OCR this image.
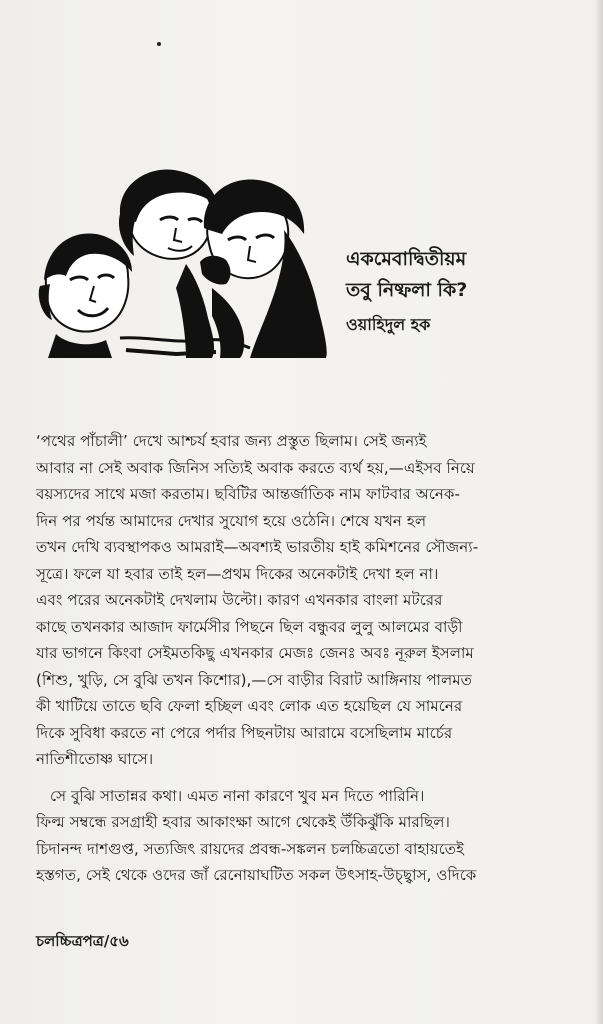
একমেবাদ্বিতীয়ম
তবু নিষ্ফলা কি?
ওয়াহিদুল হক
‘পথের পাঁচালী’ দেখে আশ্চর্য হবার জন্য প্রস্তুত ছিলাম। সেই জন্যই
আবার না সেই অবাক জিনিস সত্যিই অবাক করতে ব্যর্থ হয়,—এইসব নিয়ে
বয়স্যদের সাথে মজা করতাম। ছবিটির আন্তর্জাতিক নাম ফাটবার অনেক-
দিন পর পর্যন্ত আমাদের দেখার সুযোগ হয়ে ওঠেনি। শেষে যখন হল
তখন দেখি ব্যবস্থাপকও আমরাই—অবশ্যই ভারতীয় হাই কমিশনের সৌজন্য-
সূত্রে। ফলে যা হবার তাই হল—প্রথম দিকের অনেকটাই দেখা হল না।
এবং পরের অনেকটাই দেখলাম উল্টো। কারণ এখনকার বাংলা মটরের
কাছে তখনকার আজাদ ফার্মেসীর পিছনে ছিল বন্ধুবর লুলু আলমের বাড়ী
যার ভাগনে কিংবা সেইমতকিছু এখনকার মেজঃ জেনঃ অবঃ নূরুল ইসলাম
(শিশু, খুড়ি, সে বুঝি তখন কিশোর),—সে বাড়ীর বিরাট আঙ্গিনায় পালমত
কী খাটিয়ে তাতে ছবি ফেলা হচ্ছিল এবং লোক এত হয়েছিল যে সামনের
দিকে সুবিধা করতে না পেরে পর্দার পিছনটায় আরামে বসেছিলাম মার্চের
নাতিশীতোষ্ণ ঘাসে।
সে বুঝি সাতান্নর কথা। এমত নানা কারণে খুব মন দিতে পারিনি।
ফিল্ম সম্বন্ধে রসগ্রাহী হবার আকাংক্ষা আগে থেকেই উঁকিঝুঁকি মারছিল।
চিদানন্দ দাশগুপ্ত, সত্যজিৎ রায়দের প্রবন্ধ-সঙ্কলন চলচ্চিত্রতো বাহায়তেই
হস্তগত, সেই থেকে ওদের জাঁ রেনোয়াঘটিত সকল উৎসাহ-উচ্ছ্বাস, ওদিকে
চলচ্চিত্রপত্র/৫৬
